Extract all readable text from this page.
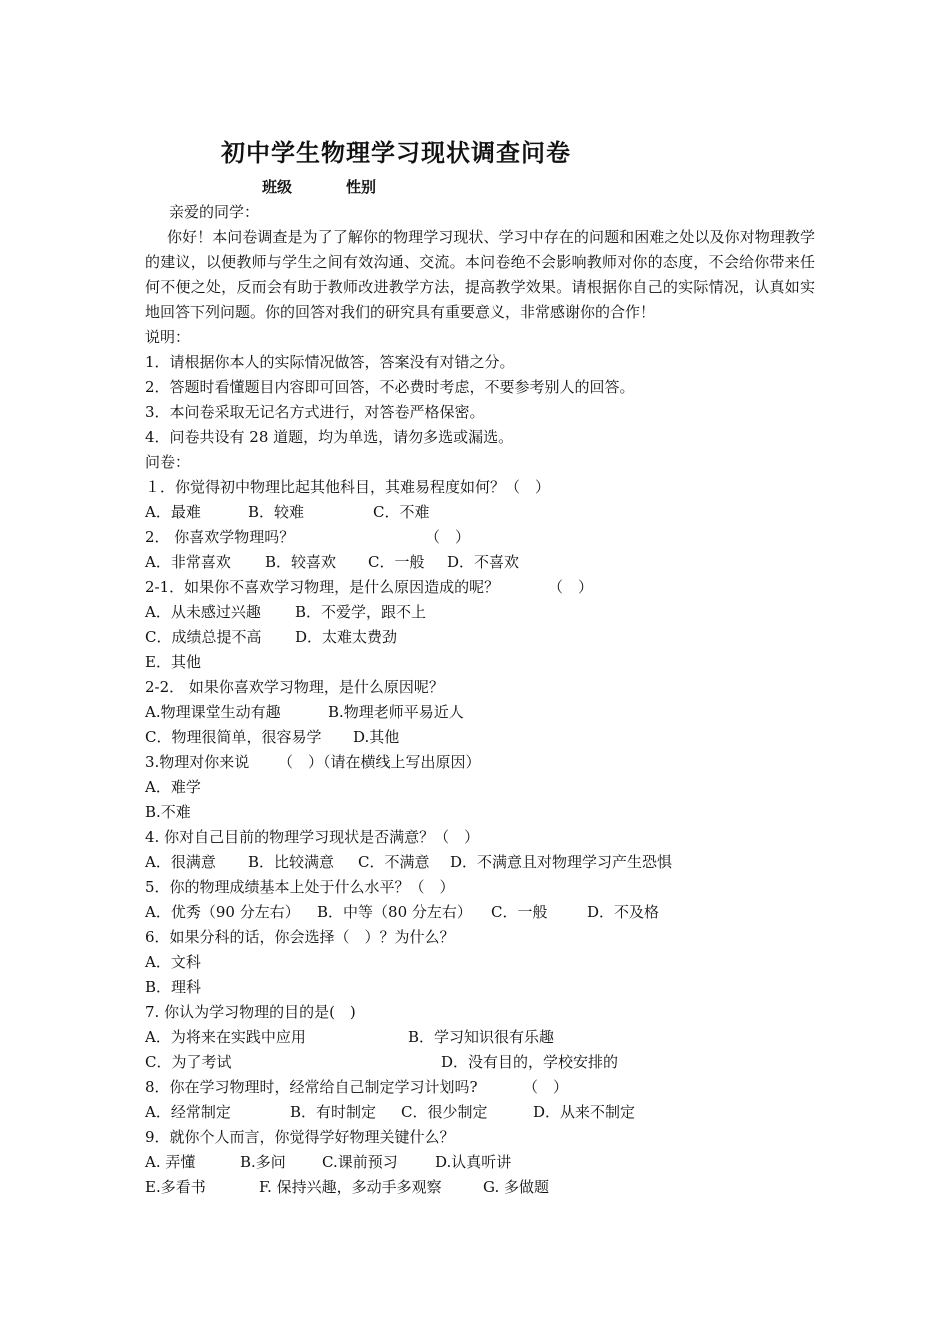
初中学生物理学习现状调查问卷
班级	性别
亲爱的同学：
你好！本问卷调查是为了了解你的物理学习现状、学习中存在的问题和困难之处以及你对物理教学的建议，以便教师与学生之间有效沟通、交流。本问卷绝不会影响教师对你的态度，不会给你带来任何不便之处，反而会有助于教师改进教学方法，提高教学效果。请根据你自己的实际情况，认真如实地回答下列问题。你的回答对我们的研究具有重要意义，非常感谢你的合作！
说明：
1．请根据你本人的实际情况做答，答案没有对错之分。
2．答题时看懂题目内容即可回答，不必费时考虑，不要参考别人的回答。
3．本问卷采取无记名方式进行，对答卷严格保密。
4．问卷共设有 28 道题，均为单选，请勿多选或漏选。
问卷：
１．你觉得初中物理比起其他科目，其难易程度如何？（　）
A．最难	B．较难	C．不难
2． 你喜欢学物理吗？	（　）
A．非常喜欢 B．较喜欢 C．一般 D．不喜欢
2-1．如果你不喜欢学习物理，是什么原因造成的呢？	（　）
A．从未感过兴趣 B．不爱学，跟不上
C．成绩总提不高 D．太难太费劲
E．其他
2-2． 如果你喜欢学习物理，是什么原因呢？
A.物理课堂生动有趣	B.物理老师平易近人
C．物理很简单，很容易学 D.其他
3.物理对你来说 （　）（请在横线上写出原因）
A．难学
B.不难
4. 你对自己目前的物理学习现状是否满意？（　）
A．很满意 B．比较满意 C．不满意 D．不满意且对物理学习产生恐惧
5．你的物理成绩基本上处于什么水平？（　）
A．优秀（90 分左右） B．中等（80 分左右） C．一般	D．不及格
6．如果分科的话，你会选择（　）？为什么？
A．文科
B．理科
7. 你认为学习物理的目的是(　)
A．为将来在实践中应用	B．学习知识很有乐趣
C．为了考试	D．没有目的，学校安排的
8．你在学习物理时，经常给自己制定学习计划吗?	（　）
A．经常制定	B．有时制定 C．很少制定	D．从来不制定
9．就你个人而言，你觉得学好物理关键什么？
A. 弄懂	B.多问 C.课前预习 D.认真听讲
E.多看书	F. 保持兴趣，多动手多观察	G. 多做题
